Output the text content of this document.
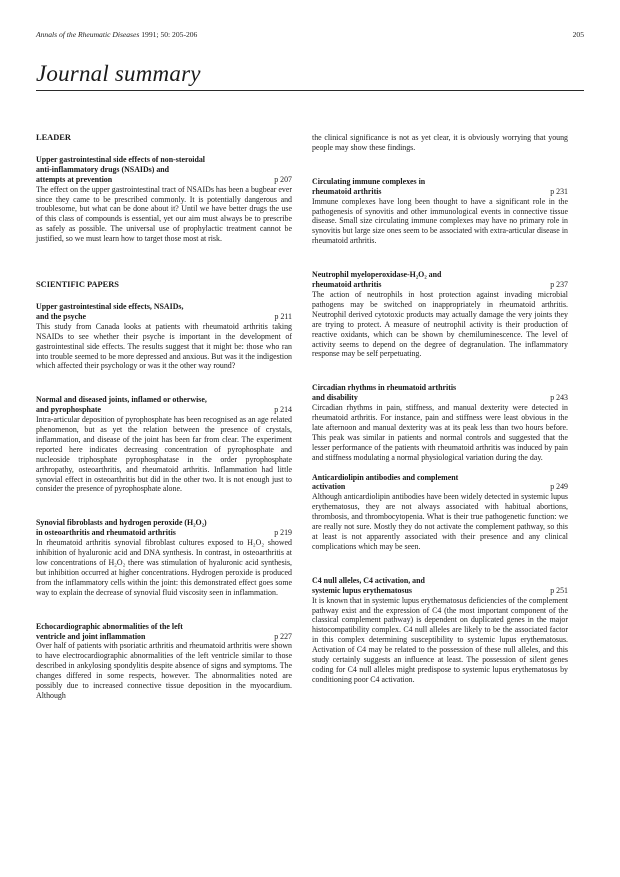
Annals of the Rheumatic Diseases 1991; 50: 205-206	205
Journal summary
LEADER
Upper gastrointestinal side effects of non-steroidal
anti-inflammatory drugs (NSAIDs) and
attempts at prevention	p 207

The effect on the upper gastrointestinal tract of NSAIDs has been a bugbear ever since they came to be prescribed commonly. It is potentially dangerous and troublesome, but what can be done about it? Until we have better drugs the use of this class of compounds is essential, yet our aim must always be to prescribe as safely as possible. The universal use of prophylactic treatment cannot be justified, so we must learn how to target those most at risk.

SCIENTIFIC PAPERS
Upper gastrointestinal side effects, NSAIDs,
and the psyche	p 211

This study from Canada looks at patients with rheumatoid arthritis taking NSAIDs to see whether their psyche is important in the development of gastrointestinal side effects. The results suggest that it might be: those who ran into trouble seemed to be more depressed and anxious. But was it the indigestion which affected their psychology or was it the other way round?

Normal and diseased joints, inflamed or otherwise,
and pyrophosphate	p 214

Intra-articular deposition of pyrophosphate has been recognised as an age related phenomenon, but as yet the relation between the presence of crystals, inflammation, and disease of the joint has been far from clear. The experiment reported here indicates decreasing concentration of pyrophosphate and nucleoside triphosphate pyrophosphatase in the order pyrophosphate arthropathy, osteoarthritis, and rheumatoid arthritis. Inflammation had little synovial effect in osteoarthritis but did in the other two. It is not enough just to consider the presence of pyrophosphate alone.

Synovial fibroblasts and hydrogen peroxide (H₂O₂)
in osteoarthritis and rheumatoid arthritis	p 219

In rheumatoid arthritis synovial fibroblast cultures exposed to H₂O₂ showed inhibition of hyaluronic acid and DNA synthesis. In contrast, in osteoarthritis at low concentrations of H₂O₂ there was stimulation of hyaluronic acid synthesis, but inhibition occurred at higher concentrations. Hydrogen peroxide is produced from the inflammatory cells within the joint: this demonstrated effect goes some way to explain the decrease of synovial fluid viscosity seen in inflammation.

Echocardiographic abnormalities of the left
ventricle and joint inflammation	p 227

Over half of patients with psoriatic arthritis and rheumatoid arthritis were shown to have electrocardiographic abnormalities of the left ventricle similar to those described in ankylosing spondylitis despite absence of signs and symptoms. The changes differed in some respects, however. The abnormalities noted are possibly due to increased connective tissue deposition in the myocardium. Although

the clinical significance is not as yet clear, it is obviously worrying that young people may show these findings.

Circulating immune complexes in
rheumatoid arthritis	p 231

Immune complexes have long been thought to have a significant role in the pathogenesis of synovitis and other immunological events in connective tissue disease. Small size circulating immune complexes may have no primary role in synovitis but large size ones seem to be associated with extra-articular disease in rheumatoid arthritis.

Neutrophil myeloperoxidase-H₂O₂ and
rheumatoid arthritis	p 237

The action of neutrophils in host protection against invading microbial pathogens may be switched on inappropriately in rheumatoid arthritis. Neutrophil derived cytotoxic products may actually damage the very joints they are trying to protect. A measure of neutrophil activity is their production of reactive oxidants, which can be shown by chemiluminescence. The level of activity seems to depend on the degree of degranulation. The inflammatory response may be self perpetuating.

Circadian rhythms in rheumatoid arthritis
and disability	p 243

Circadian rhythms in pain, stiffness, and manual dexterity were detected in rheumatoid arthritis. For instance, pain and stiffness were least obvious in the late afternoon and manual dexterity was at its peak less than two hours before. This peak was similar in patients and normal controls and suggested that the lesser performance of the patients with rheumatoid arthritis was induced by pain and stiffness modulating a normal physiological variation during the day.

Anticardiolipin antibodies and complement
activation	p 249

Although anticardiolipin antibodies have been widely detected in systemic lupus erythematosus, they are not always associated with habitual abortions, thrombosis, and thrombocytopenia. What is their true pathogenetic function: we are really not sure. Mostly they do not activate the complement pathway, so this at least is not apparently associated with their presence and any clinical complications which may be seen.

C4 null alleles, C4 activation, and
systemic lupus erythematosus	p 251

It is known that in systemic lupus erythematosus deficiencies of the complement pathway exist and the expression of C4 (the most important component of the classical complement pathway) is dependent on duplicated genes in the major histocompatibility complex. C4 null alleles are likely to be the associated factor in this complex determining susceptibility to systemic lupus erythematosus. Activation of C4 may be related to the possession of these null alleles, and this study certainly suggests an influence at least. The possession of silent genes coding for C4 null alleles might predispose to systemic lupus erythematosus by conditioning poor C4 activation.
